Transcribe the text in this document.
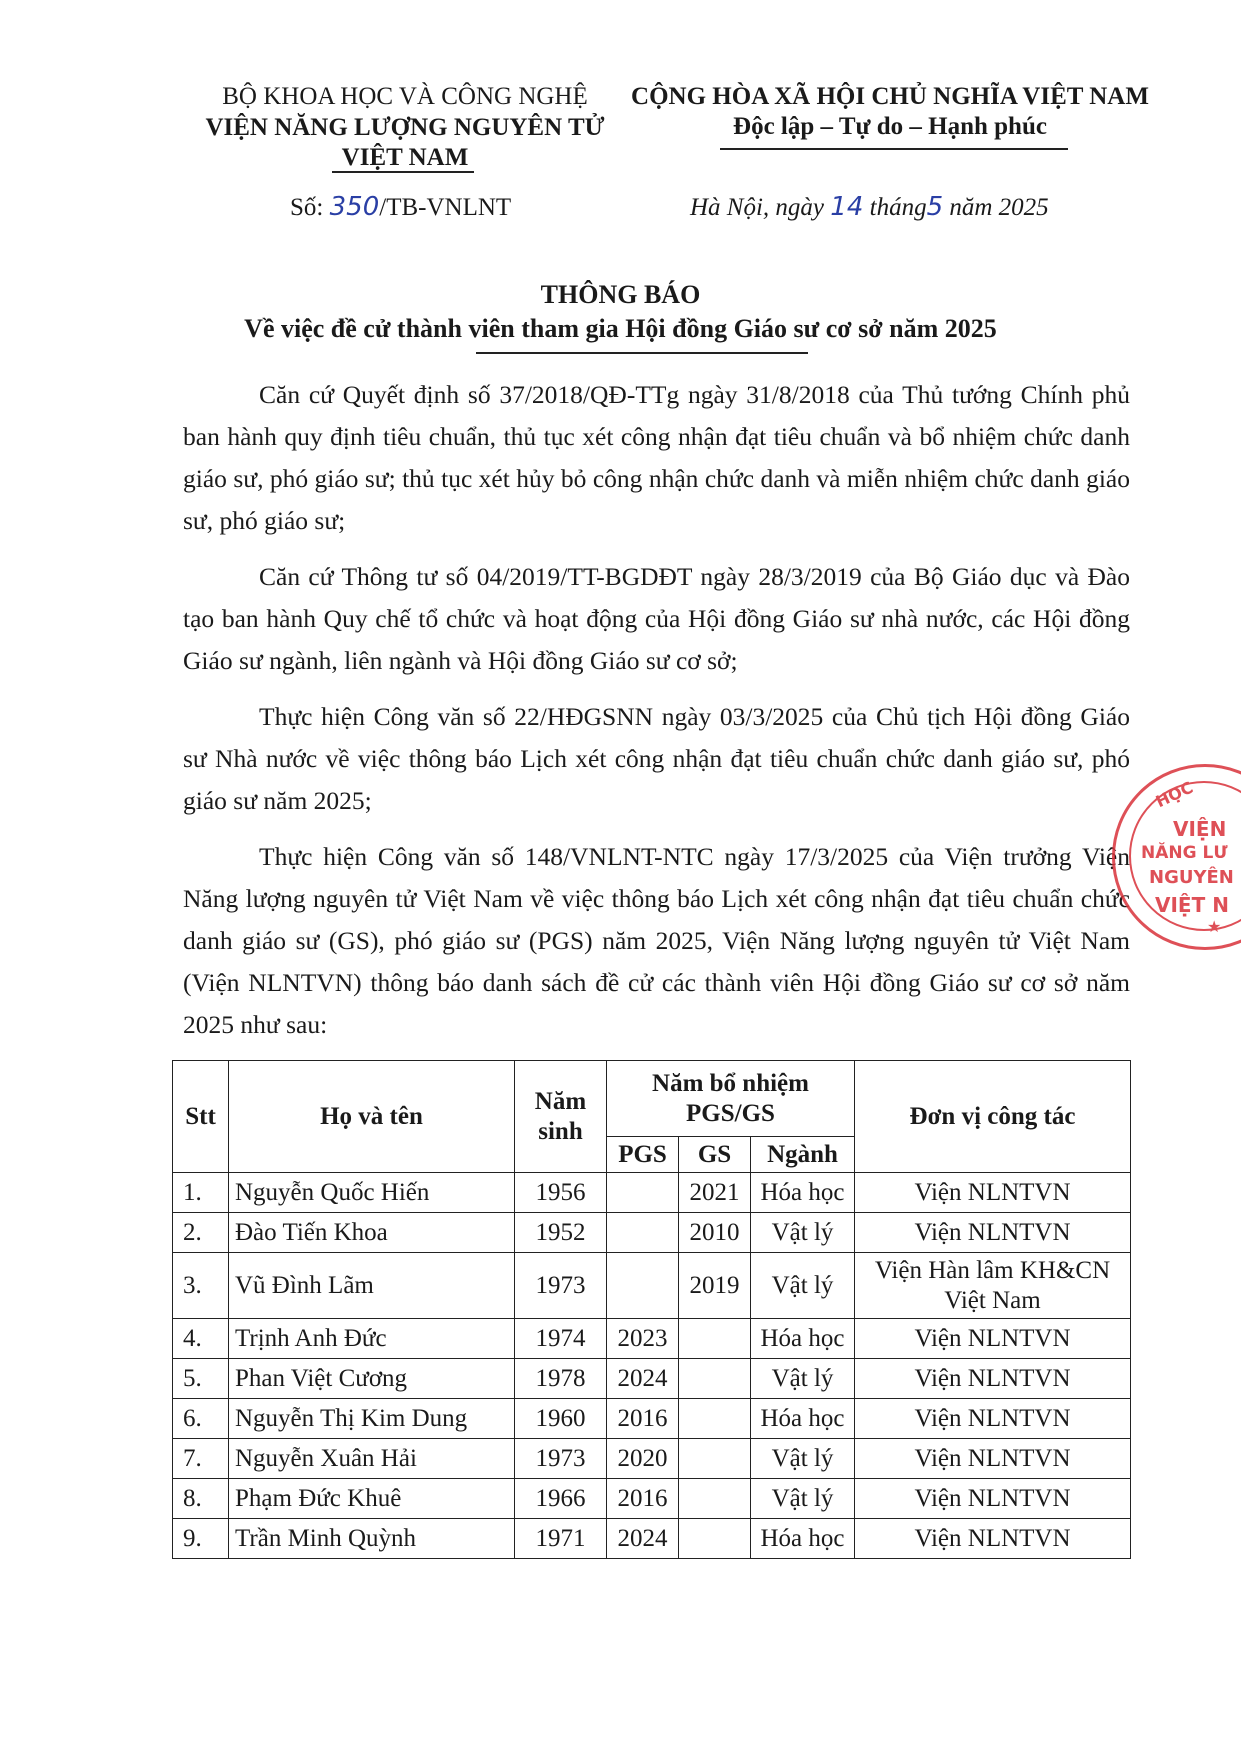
BỘ KHOA HỌC VÀ CÔNG NGHỆ
VIỆN NĂNG LƯỢNG NGUYÊN TỬ
VIỆT NAM
CỘNG HÒA XÃ HỘI CHỦ NGHĨA VIỆT NAM
Độc lập – Tự do – Hạnh phúc
Số: 350/TB-VNLNT	Hà Nội, ngày 14 tháng5 năm 2025
THÔNG BÁO
Về việc đề cử thành viên tham gia Hội đồng Giáo sư cơ sở năm 2025
Căn cứ Quyết định số 37/2018/QĐ-TTg ngày 31/8/2018 của Thủ tướng Chính phủ ban hành quy định tiêu chuẩn, thủ tục xét công nhận đạt tiêu chuẩn và bổ nhiệm chức danh giáo sư, phó giáo sư; thủ tục xét hủy bỏ công nhận chức danh và miễn nhiệm chức danh giáo sư, phó giáo sư;
Căn cứ Thông tư số 04/2019/TT-BGDĐT ngày 28/3/2019 của Bộ Giáo dục và Đào tạo ban hành Quy chế tổ chức và hoạt động của Hội đồng Giáo sư nhà nước, các Hội đồng Giáo sư ngành, liên ngành và Hội đồng Giáo sư cơ sở;
Thực hiện Công văn số 22/HĐGSNN ngày 03/3/2025 của Chủ tịch Hội đồng Giáo sư Nhà nước về việc thông báo Lịch xét công nhận đạt tiêu chuẩn chức danh giáo sư, phó giáo sư năm 2025;
Thực hiện Công văn số 148/VNLNT-NTC ngày 17/3/2025 của Viện trưởng Viện Năng lượng nguyên tử Việt Nam về việc thông báo Lịch xét công nhận đạt tiêu chuẩn chức danh giáo sư (GS), phó giáo sư (PGS) năm 2025, Viện Năng lượng nguyên tử Việt Nam (Viện NLNTVN) thông báo danh sách đề cử các thành viên Hội đồng Giáo sư cơ sở năm 2025 như sau:
Stt	Họ và tên	Năm sinh	Năm bổ nhiệm PGS/GS			Đơn vị công tác
			PGS	GS	Ngành	
1.	Nguyễn Quốc Hiến	1956		2021	Hóa học	Viện NLNTVN
2.	Đào Tiến Khoa	1952		2010	Vật lý	Viện NLNTVN
3.	Vũ Đình Lãm	1973		2019	Vật lý	Viện Hàn lâm KH&CN Việt Nam
4.	Trịnh Anh Đức	1974	2023		Hóa học	Viện NLNTVN
5.	Phan Việt Cương	1978	2024		Vật lý	Viện NLNTVN
6.	Nguyễn Thị Kim Dung	1960	2016		Hóa học	Viện NLNTVN
7.	Nguyễn Xuân Hải	1973	2020		Vật lý	Viện NLNTVN
8.	Phạm Đức Khuê	1966	2016		Vật lý	Viện NLNTVN
9.	Trần Minh Quỳnh	1971	2024		Hóa học	Viện NLNTVN
HỌC
VIỆN
NĂNG LƯ
NGUYÊN
VIỆT N
★
